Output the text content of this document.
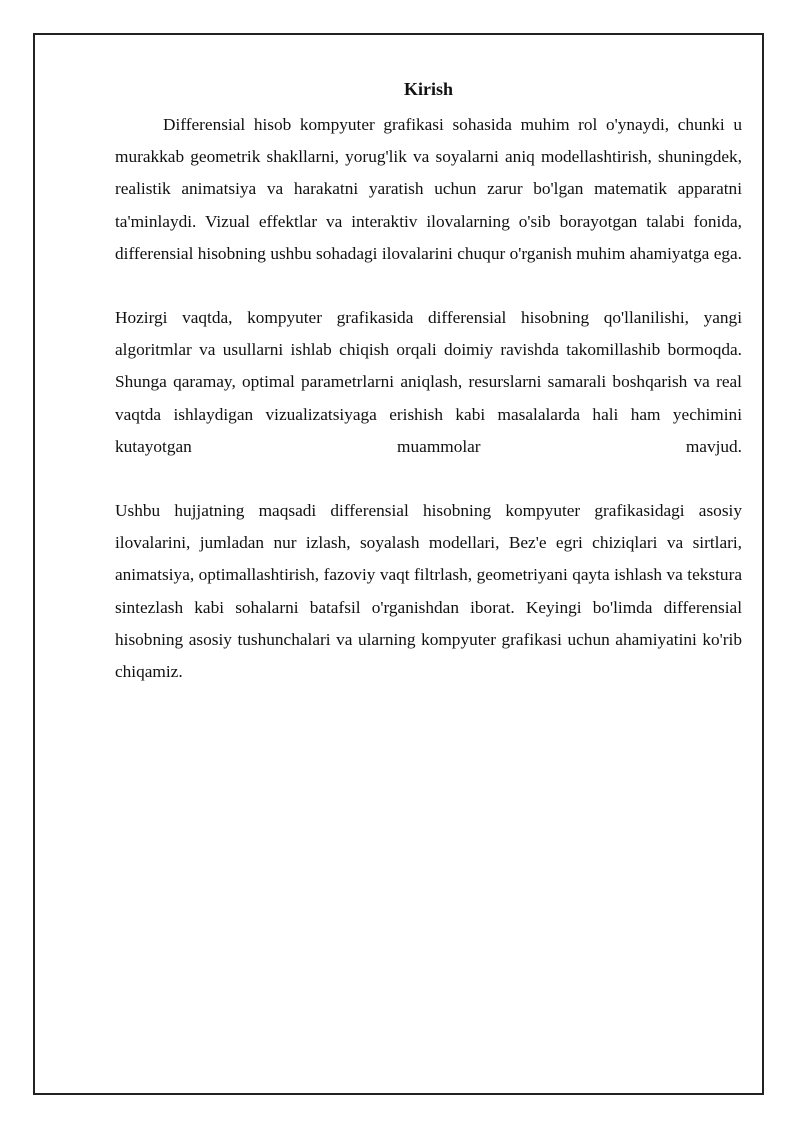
Kirish

Differensial hisob kompyuter grafikasi sohasida muhim rol o'ynaydi, chunki u murakkab geometrik shakllarni, yorug'lik va soyalarni aniq modellashtirish, shuningdek, realistik animatsiya va harakatni yaratish uchun zarur bo'lgan matematik apparatni ta'minlaydi. Vizual effektlar va interaktiv ilovalarning o'sib borayotgan talabi fonida, differensial hisobning ushbu sohadagi ilovalarini chuqur o'rganish muhim ahamiyatga ega.

Hozirgi vaqtda, kompyuter grafikasida differensial hisobning qo'llanilishi, yangi algoritmlar va usullarni ishlab chiqish orqali doimiy ravishda takomillashib bormoqda. Shunga qaramay, optimal parametrlarni aniqlash, resurslarni samarali boshqarish va real vaqtda ishlaydigan vizualizatsiyaga erishish kabi masalalarda hali ham yechimini kutayotgan muammolar mavjud.

Ushbu hujjatning maqsadi differensial hisobning kompyuter grafikasidagi asosiy ilovalarini, jumladan nur izlash, soyalash modellari, Bez'e egri chiziqlari va sirtlari, animatsiya, optimallashtirish, fazoviy vaqt filtrlash, geometriyani qayta ishlash va tekstura sintezlash kabi sohalarni batafsil o'rganishdan iborat. Keyingi bo'limda differensial hisobning asosiy tushunchalari va ularning kompyuter grafikasi uchun ahamiyatini ko'rib chiqamiz.
